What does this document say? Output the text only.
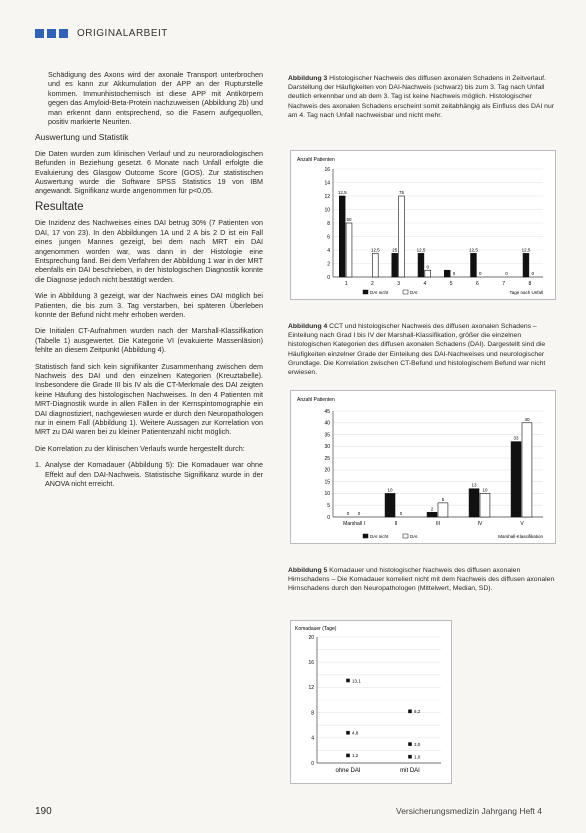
ORIGINALARBEIT

Schädigung des Axons wird der axonale Transport unterbrochen und es kann zur Akkumulation der APP an der Rupturstelle kommen. Immunhistochemisch ist diese APP mit Antikörpern gegen das Amyloid-Beta-Protein nachzuweisen (Abbildung 2b) und man erkennt dann entsprechend, so die Fasern aufgequollen, positiv markierte Neuriten.

Auswertung und Statistik

Die Daten wurden zum klinischen Verlauf und zu neuroradiologischen Befunden in Beziehung gesetzt. 6 Monate nach Unfall erfolgte die Evaluierung des Glasgow Outcome Score (GOS). Zur statistischen Auswertung wurde die Software SPSS Statistics 19 von IBM angewandt. Signifikanz wurde angenommen für p<0,05.

Resultate

Die Inzidenz des Nachweises eines DAI betrug 30% (7 Patienten von DAI, 17 von 23). In den Abbildungen 1A und 2 A bis 2 D ist ein Fall eines jungen Mannes gezeigt, bei dem nach MRT ein DAI angenommen worden war, was dann in der Histologie eine Entsprechung fand. Bei dem Verfahren der Abbildung 1 war in der MRT ebenfalls ein DAI beschrieben, in der histologischen Diagnostik konnte die Diagnose jedoch nicht bestätigt werden.

Wie in Abbildung 3 gezeigt, war der Nachweis eines DAI möglich bei Patienten, die bis zum 3. Tag verstarben, bei späteren Überleben konnte der Befund nicht mehr erhoben werden.

Die Initialen CT-Aufnahmen wurden nach der Marshall-Klassifikation (Tabelle 1) ausgewertet. Die Kategorie VI (evakuierte Massenläsion) fehlte an diesem Zeitpunkt (Abbildung 4).

Statistisch fand sich kein signifikanter Zusammenhang zwischen dem Nachweis des DAI und den einzelnen Kategorien (Kreuztabelle). Insbesondere die Grade III bis IV als die CT-Merkmale des DAI zeigten keine Häufung des histologischen Nachweises. In den 4 Patienten mit MRT-Diagnostik wurde in allen Fällen in der Kernspintomographie ein DAI diagnostiziert, nachgewiesen wurde er durch den Neuropathologen nur in einem Fall (Abbildung 1). Weitere Aussagen zur Korrelation von MRT zu DAI waren bei zu kleiner Patientenzahl nicht möglich.

Die Korrelation zu der klinischen Verlaufs wurde hergestellt durch:

1. Analyse der Komadauer (Abbildung 5): Die Komadauer war ohne Effekt auf den DAI-Nachweis. Statistische Signifikanz wurde in der ANOVA nicht erreicht.
Abbildung 3 Histologischer Nachweis des diffusen axonalen Schadens in Zeitverlauf. Darstellung der Häufigkeiten von DAI-Nachweis (schwarz) bis zum 3. Tag nach Unfall deutlich erkennbar und ab dem 3. Tag ist keine Nachweis möglich. Histologischer Nachweis des axonalen Schadens erscheint somit zeitabhängig als Einfluss des DAI nur am 4. Tag nach Unfall nachweisbar und nicht mehr.
Anzahl Patienten
0
2
4
6
8
10
12
14
16
12,5
50
1
12,5
2
25
75
3
12,5
0
4
0
5
12,5
0
6
0
7
12,5
0
8
DAI nicht	DAI	Tage nach Unfall
Abbildung 4 CCT und histologischer Nachweis des diffusen axonalen Schadens – Einteilung nach Grad I bis IV der Marshall-Klassifikation, größer die einzelnen histologischen Kategorien des diffusen axonalen Schadens (DAI). Dargestellt sind die Häufigkeiten einzelner Grade der Einteilung des DAI-Nachweises und neurologischer Grundlage. Die Korrelation zwischen CT-Befund und histologischem Befund war nicht erwiesen.
Anzahl Patienten
0
5
10
15
20
25
30
35
40
45
0 0
Marshall I
10
0
II
2
5
III
13
10
IV
33
40
V
DAI nicht	DAI	Marshall-Klassifikation
Abbildung 5 Komadauer und histologischer Nachweis des diffusen axonalen Hirnschadens – Die Komadauer korreliert nicht mit dem Nachweis des diffusen axonalen Hirnschadens durch den Neuropathologen (Mittelwert, Median, SD).
Komadauer (Tage)
0
4
8
12
16
20
13,1
4,8
1,2
8,2
3,0
1,0
ohne DAI	mit DAI
190	Versicherungsmedizin Jahrgang Heft 4
